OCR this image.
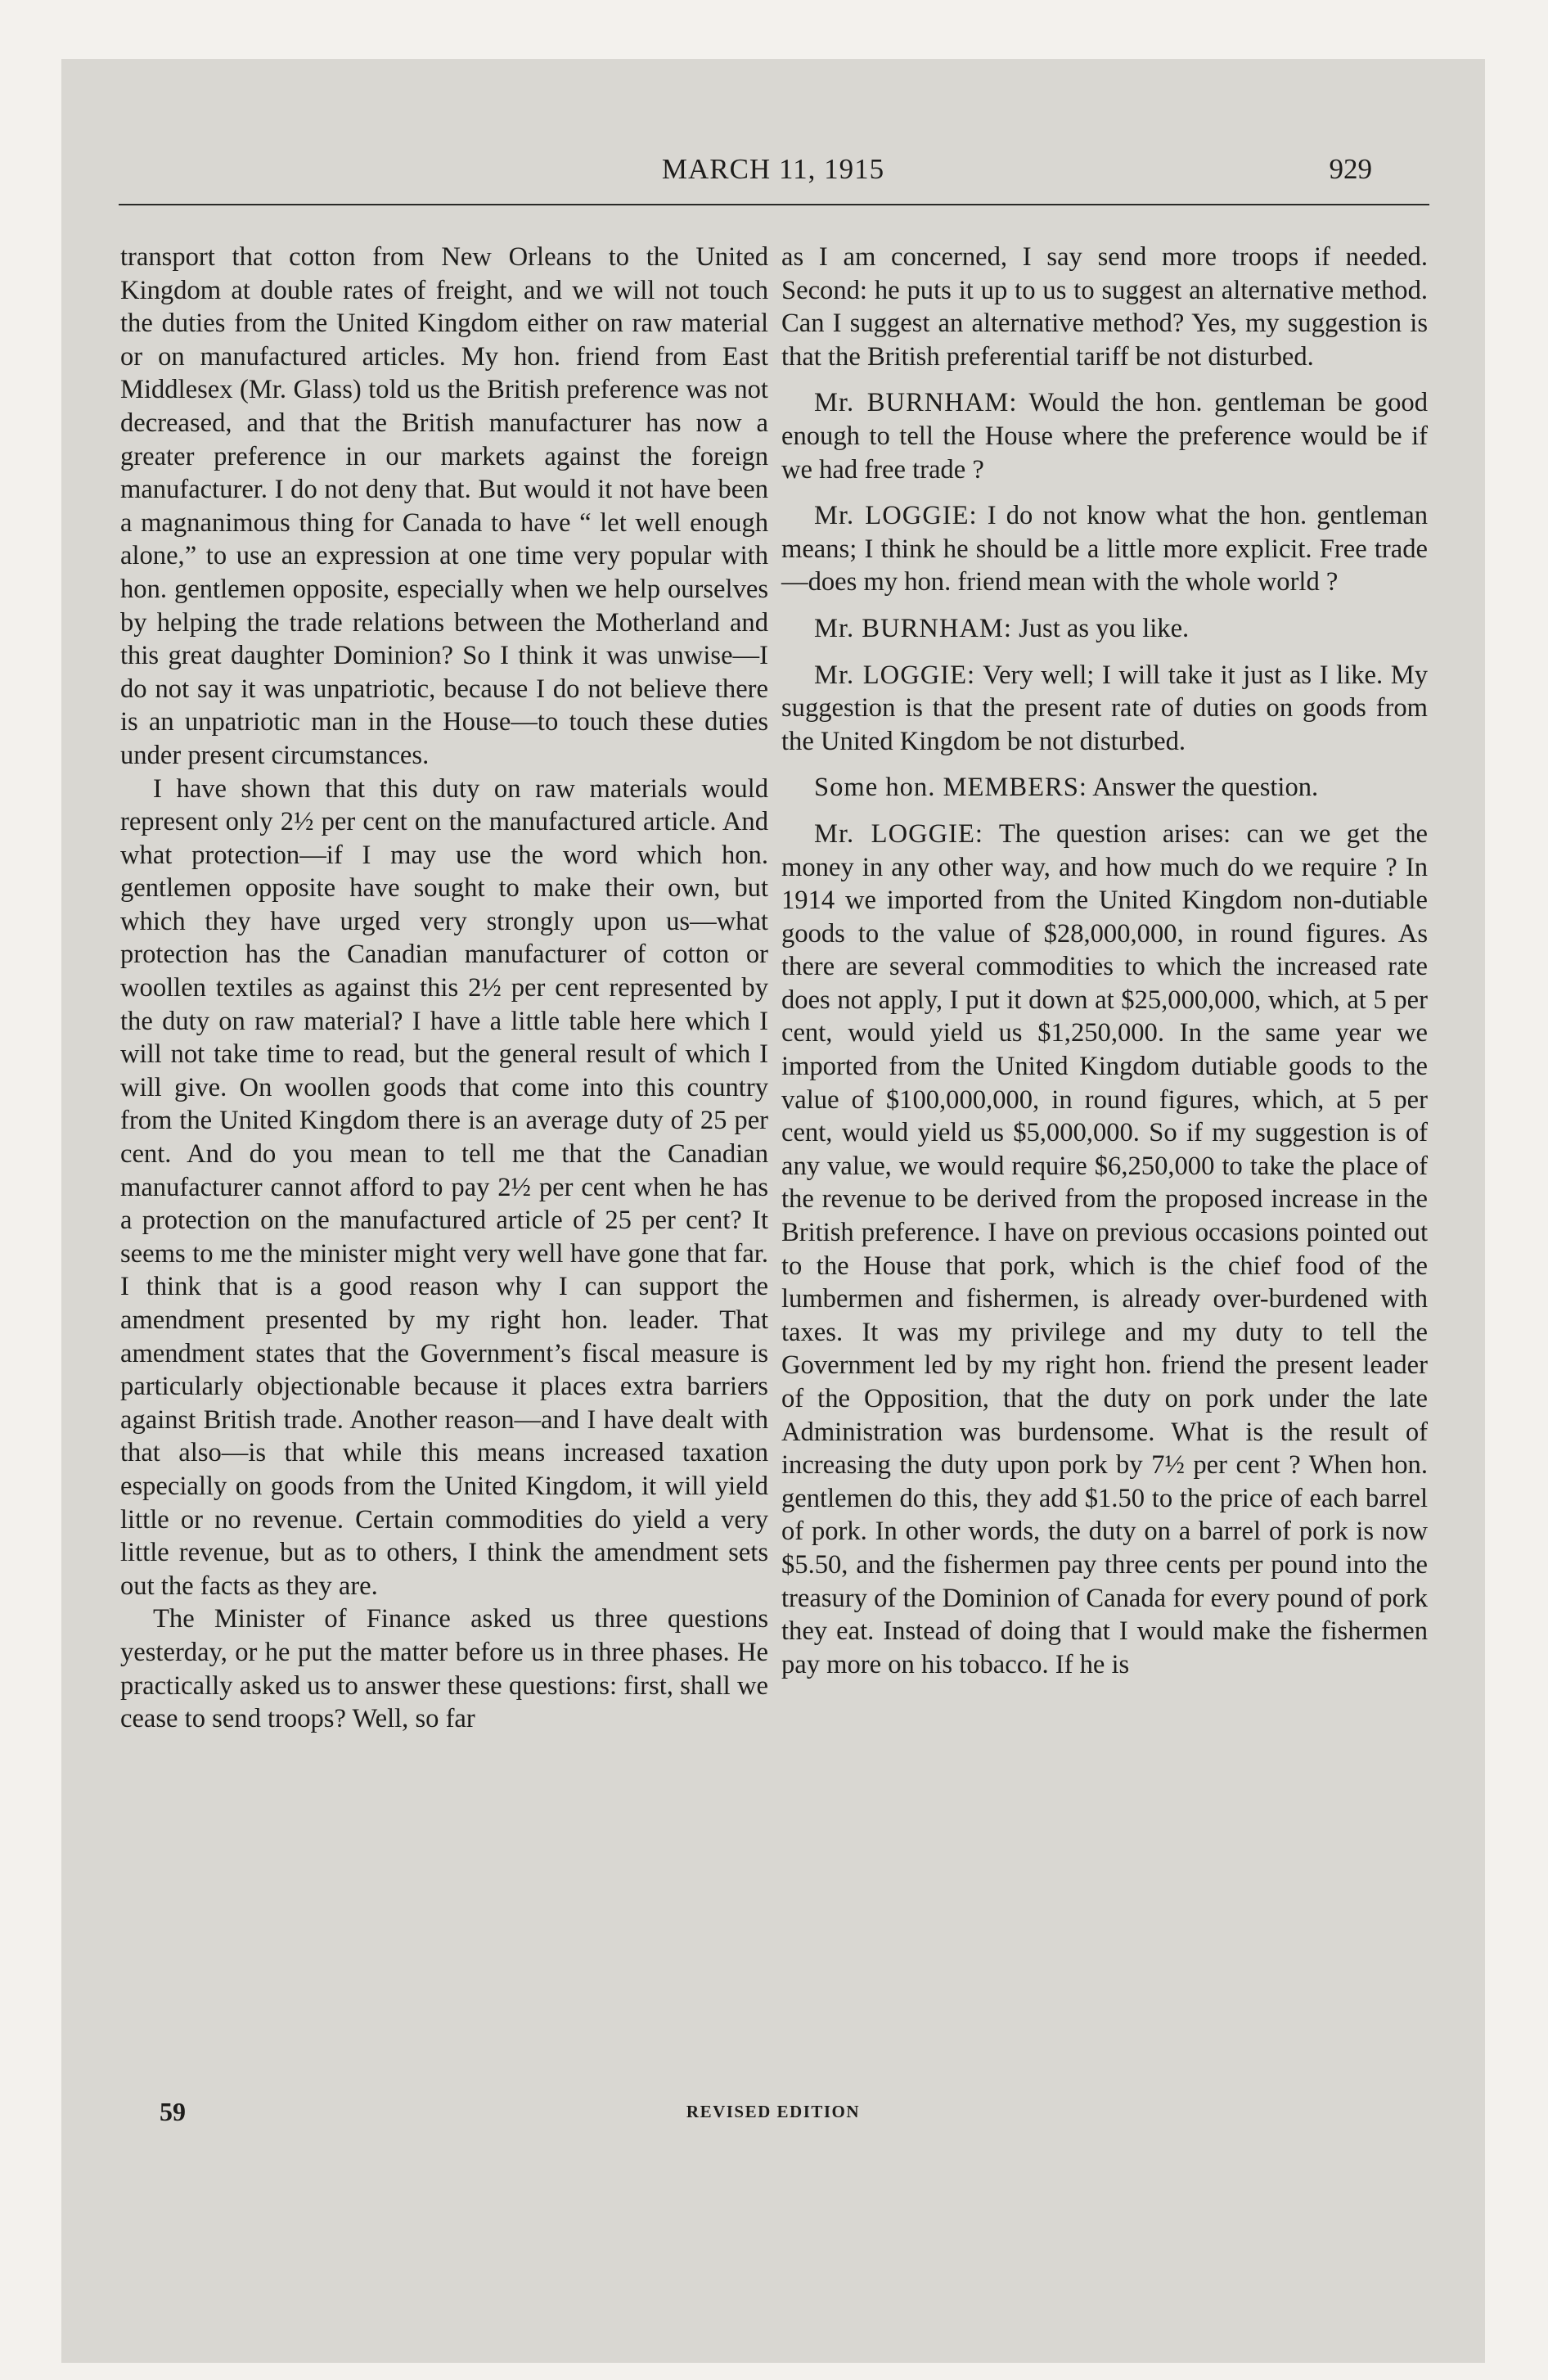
MARCH 11, 1915	929

transport that cotton from New Orleans to the United Kingdom at double rates of freight, and we will not touch the duties from the United Kingdom either on raw material or on manufactured articles. My hon. friend from East Middlesex (Mr. Glass) told us the British preference was not decreased, and that the British manufacturer has now a greater preference in our markets against the foreign manufacturer. I do not deny that. But would it not have been a magnanimous thing for Canada to have “ let well enough alone,” to use an expression at one time very popular with hon. gentlemen opposite, especially when we help ourselves by helping the trade relations between the Motherland and this great daughter Dominion? So I think it was unwise—I do not say it was unpatriotic, because I do not believe there is an unpatriotic man in the House—to touch these duties under present circumstances.

I have shown that this duty on raw materials would represent only 2½ per cent on the manufactured article. And what protection—if I may use the word which hon. gentlemen opposite have sought to make their own, but which they have urged very strongly upon us—what protection has the Canadian manufacturer of cotton or woollen textiles as against this 2½ per cent represented by the duty on raw material? I have a little table here which I will not take time to read, but the general result of which I will give. On woollen goods that come into this country from the United Kingdom there is an average duty of 25 per cent. And do you mean to tell me that the Canadian manufacturer cannot afford to pay 2½ per cent when he has a protection on the manufactured article of 25 per cent? It seems to me the minister might very well have gone that far. I think that is a good reason why I can support the amendment presented by my right hon. leader. That amendment states that the Government’s fiscal measure is particularly objectionable because it places extra barriers against British trade. Another reason—and I have dealt with that also—is that while this means increased taxation especially on goods from the United Kingdom, it will yield little or no revenue. Certain commodities do yield a very little revenue, but as to others, I think the amendment sets out the facts as they are.

The Minister of Finance asked us three questions yesterday, or he put the matter before us in three phases. He practically asked us to answer these questions: first, shall we cease to send troops? Well, so far

as I am concerned, I say send more troops if needed. Second: he puts it up to us to suggest an alternative method. Can I suggest an alternative method? Yes, my suggestion is that the British preferential tariff be not disturbed.

Mr. BURNHAM: Would the hon. gentleman be good enough to tell the House where the preference would be if we had free trade ?

Mr. LOGGIE: I do not know what the hon. gentleman means; I think he should be a little more explicit. Free trade—does my hon. friend mean with the whole world ?

Mr. BURNHAM: Just as you like.

Mr. LOGGIE: Very well; I will take it just as I like. My suggestion is that the present rate of duties on goods from the United Kingdom be not disturbed.

Some hon. MEMBERS: Answer the question.

Mr. LOGGIE: The question arises: can we get the money in any other way, and how much do we require ? In 1914 we imported from the United Kingdom non-dutiable goods to the value of $28,000,000, in round figures. As there are several commodities to which the increased rate does not apply, I put it down at $25,000,000, which, at 5 per cent, would yield us $1,250,000. In the same year we imported from the United Kingdom dutiable goods to the value of $100,000,000, in round figures, which, at 5 per cent, would yield us $5,000,000. So if my suggestion is of any value, we would require $6,250,000 to take the place of the revenue to be derived from the proposed increase in the British preference. I have on previous occasions pointed out to the House that pork, which is the chief food of the lumbermen and fishermen, is already over-burdened with taxes. It was my privilege and my duty to tell the Government led by my right hon. friend the present leader of the Opposition, that the duty on pork under the late Administration was burdensome. What is the result of increasing the duty upon pork by 7½ per cent ? When hon. gentlemen do this, they add $1.50 to the price of each barrel of pork. In other words, the duty on a barrel of pork is now $5.50, and the fishermen pay three cents per pound into the treasury of the Dominion of Canada for every pound of pork they eat. Instead of doing that I would make the fishermen pay more on his tobacco. If he is

59	REVISED EDITION
